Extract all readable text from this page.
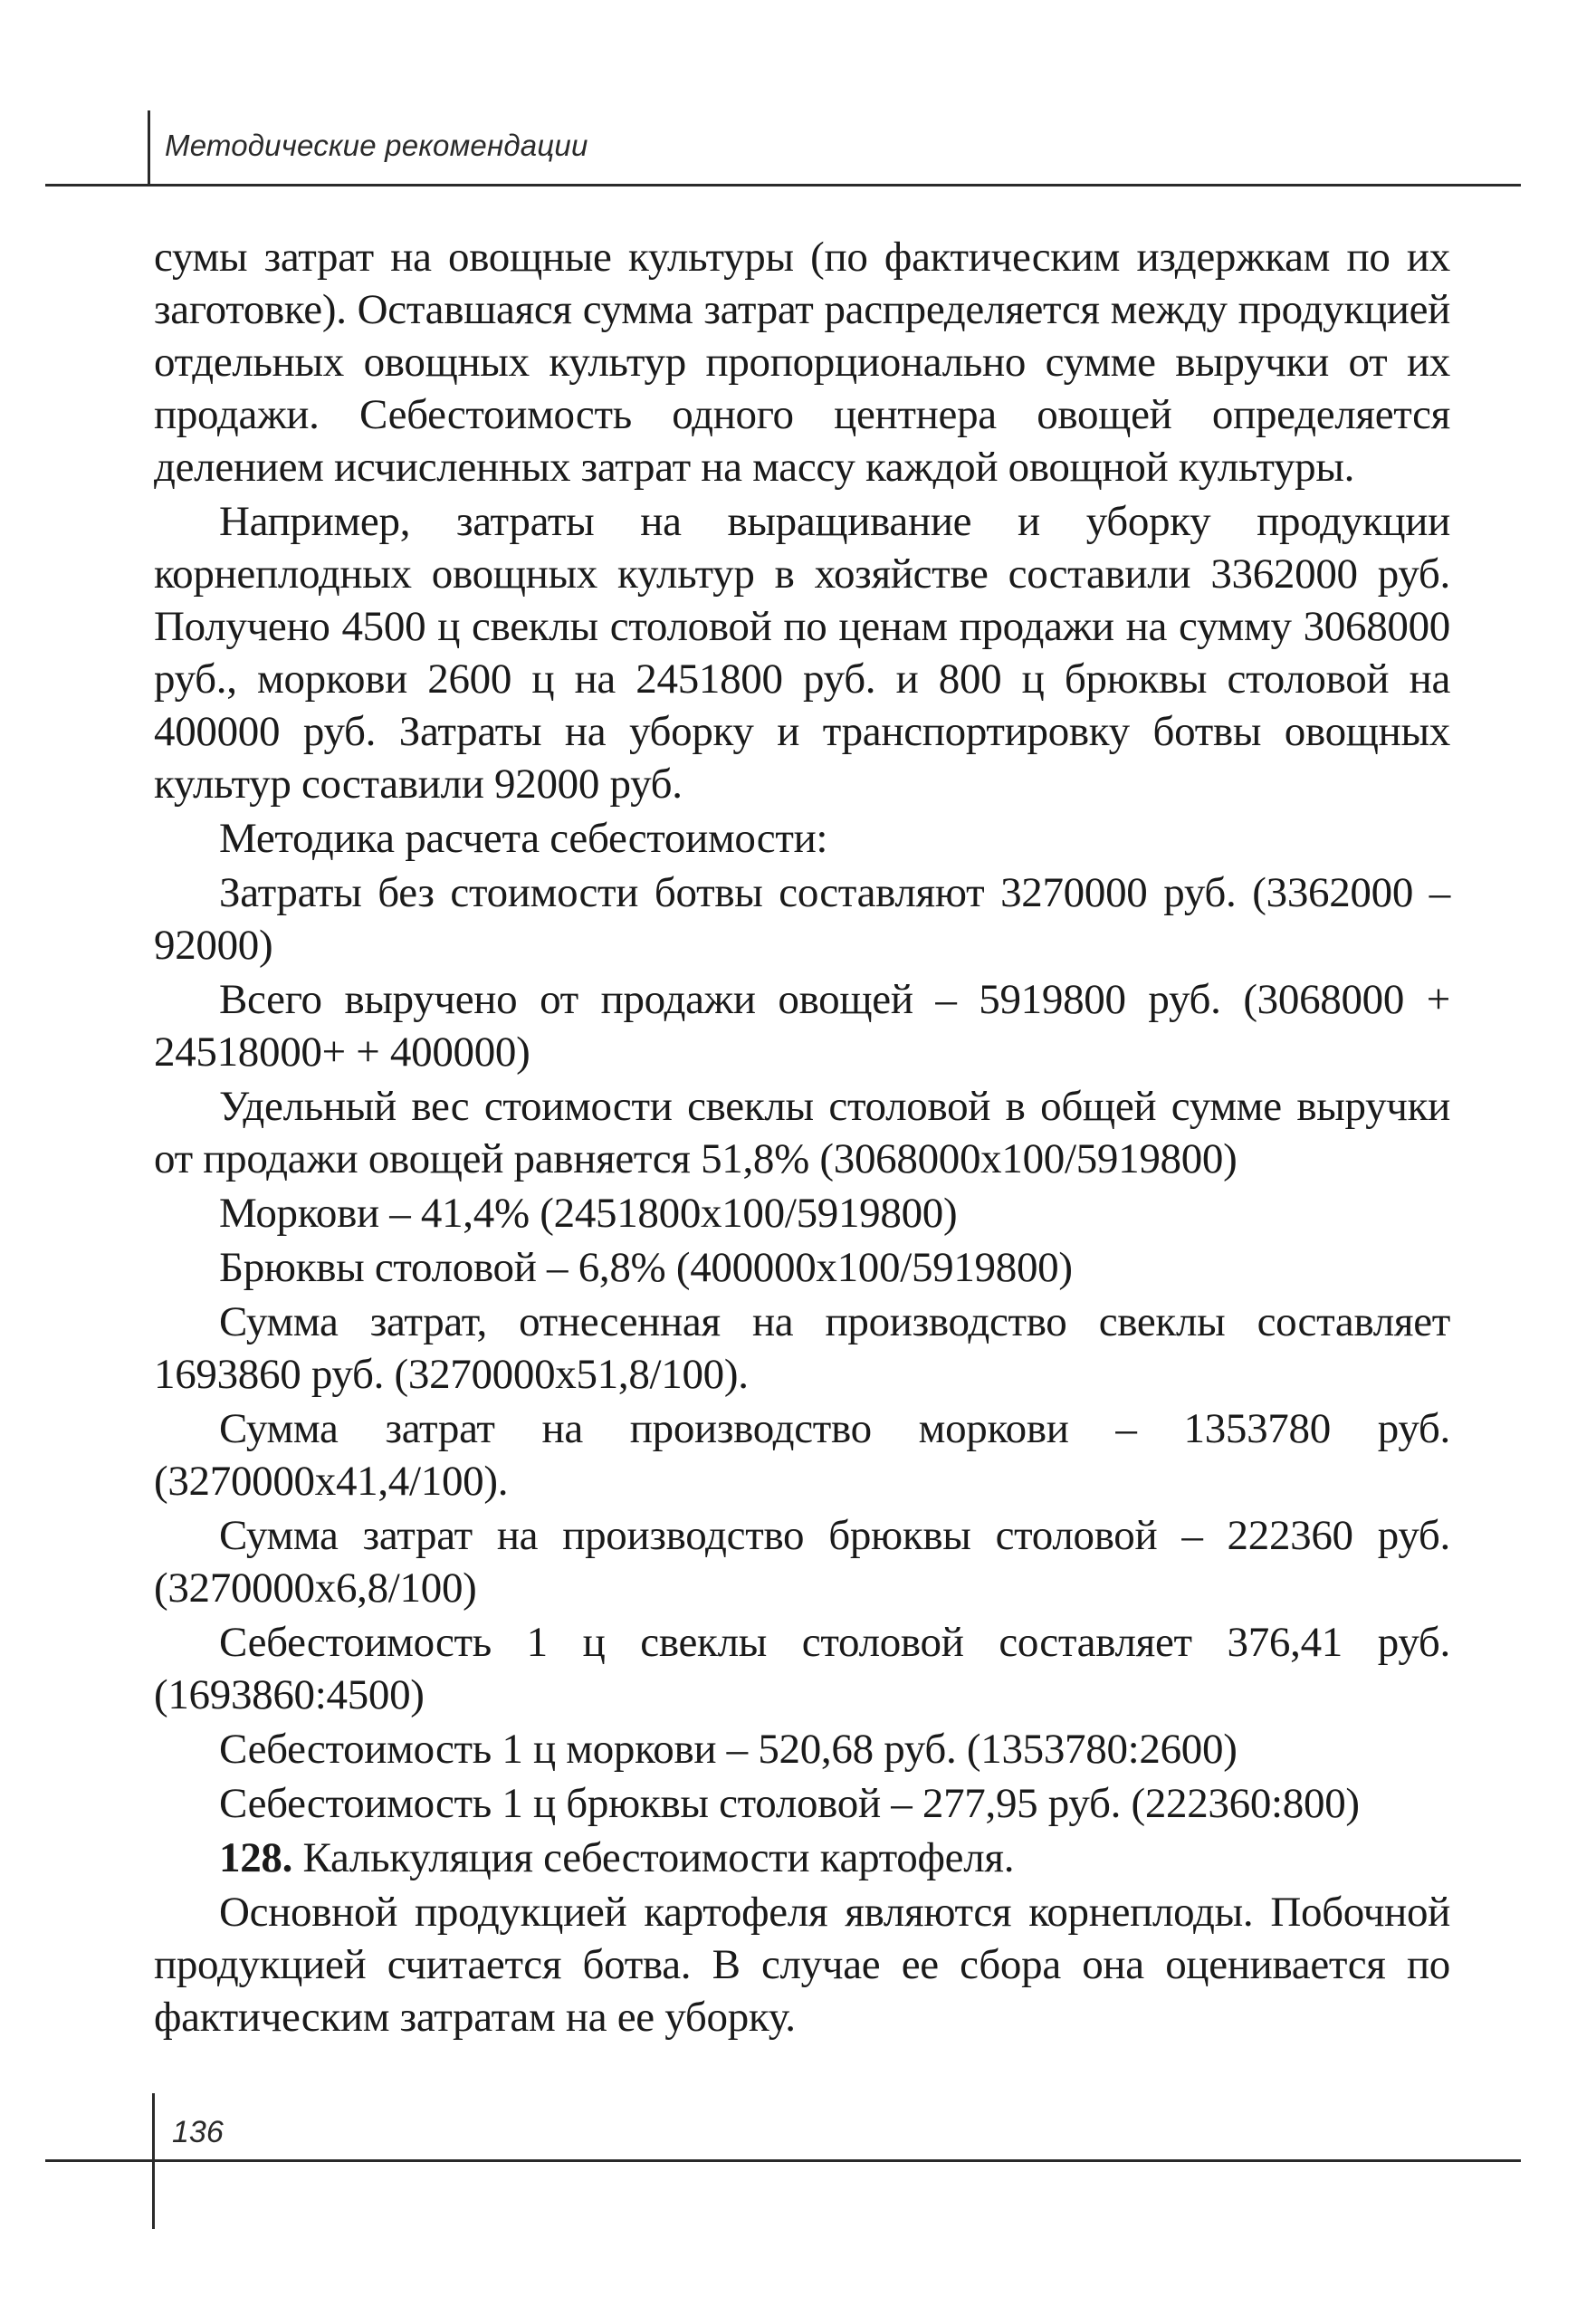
Методические рекомендации

сумы затрат на овощные культуры (по фактическим издержкам по их заготовке). Оставшаяся сумма затрат распределяется между продукцией отдельных овощных культур пропорционально сумме выручки от их продажи. Себестоимость одного центнера овощей определяется делением исчисленных затрат на массу каждой овощной культуры.

Например, затраты на выращивание и уборку продукции корнеплодных овощных культур в хозяйстве составили 3362000 руб. Получено 4500 ц свеклы столовой по ценам продажи на сумму 3068000 руб., моркови 2600 ц на 2451800 руб. и 800 ц брюквы столовой на 400000 руб. Затраты на уборку и транспортировку ботвы овощных культур составили 92000 руб.

Методика расчета себестоимости:

Затраты без стоимости ботвы составляют 3270000 руб. (3362000 – 92000)

Всего выручено от продажи овощей – 5919800 руб. (3068000 + 24518000+ + 400000)

Удельный вес стоимости свеклы столовой в общей сумме выручки от продажи овощей равняется 51,8% (3068000x100/5919800)

Моркови – 41,4% (2451800x100/5919800)

Брюквы столовой – 6,8% (400000x100/5919800)

Сумма затрат, отнесенная на производство свеклы составляет 1693860 руб. (3270000x51,8/100).

Сумма затрат на производство моркови – 1353780 руб. (3270000x41,4/100).

Сумма затрат на производство брюквы столовой – 222360 руб. (3270000x6,8/100)

Себестоимость 1 ц свеклы столовой составляет 376,41 руб. (1693860:4500)

Себестоимость 1 ц моркови – 520,68 руб. (1353780:2600)

Себестоимость 1 ц брюквы столовой – 277,95 руб. (222360:800)

128. Калькуляция себестоимости картофеля.

Основной продукцией картофеля являются корнеплоды. Побочной продукцией считается ботва. В случае ее сбора она оценивается по фактическим затратам на ее уборку.

136
